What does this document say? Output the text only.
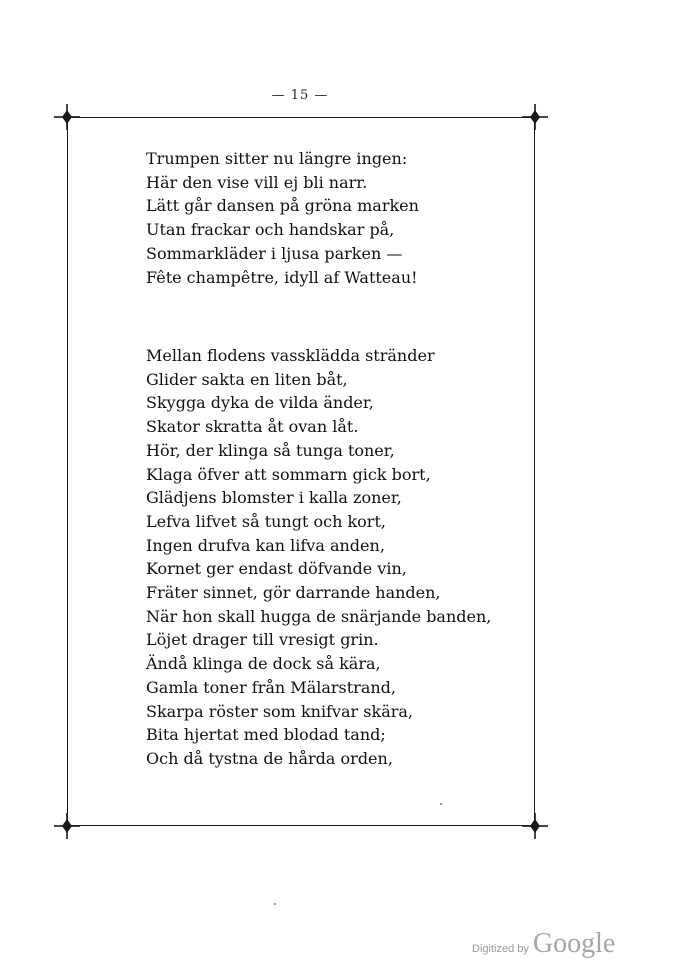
— 15 —
Trumpen sitter nu längre ingen:
Här den vise vill ej bli narr.
Lätt går dansen på gröna marken
Utan frackar och handskar på,
Sommarkläder i ljusa parken —
Fête champêtre, idyll af Watteau!
Mellan flodens vassklädda stränder
Glider sakta en liten båt,
Skygga dyka de vilda änder,
Skator skratta åt ovan låt.
Hör, der klinga så tunga toner,
Klaga öfver att sommarn gick bort,
Glädjens blomster i kalla zoner,
Lefva lifvet så tungt och kort,
Ingen drufva kan lifva anden,
Kornet ger endast döfvande vin,
Fräter sinnet, gör darrande handen,
När hon skall hugga de snärjande banden,
Löjet drager till vresigt grin.
Ändå klinga de dock så kära,
Gamla toner från Mälarstrand,
Skarpa röster som knifvar skära,
Bita hjertat med blodad tand;
Och då tystna de hårda orden,
Digitized by Google
